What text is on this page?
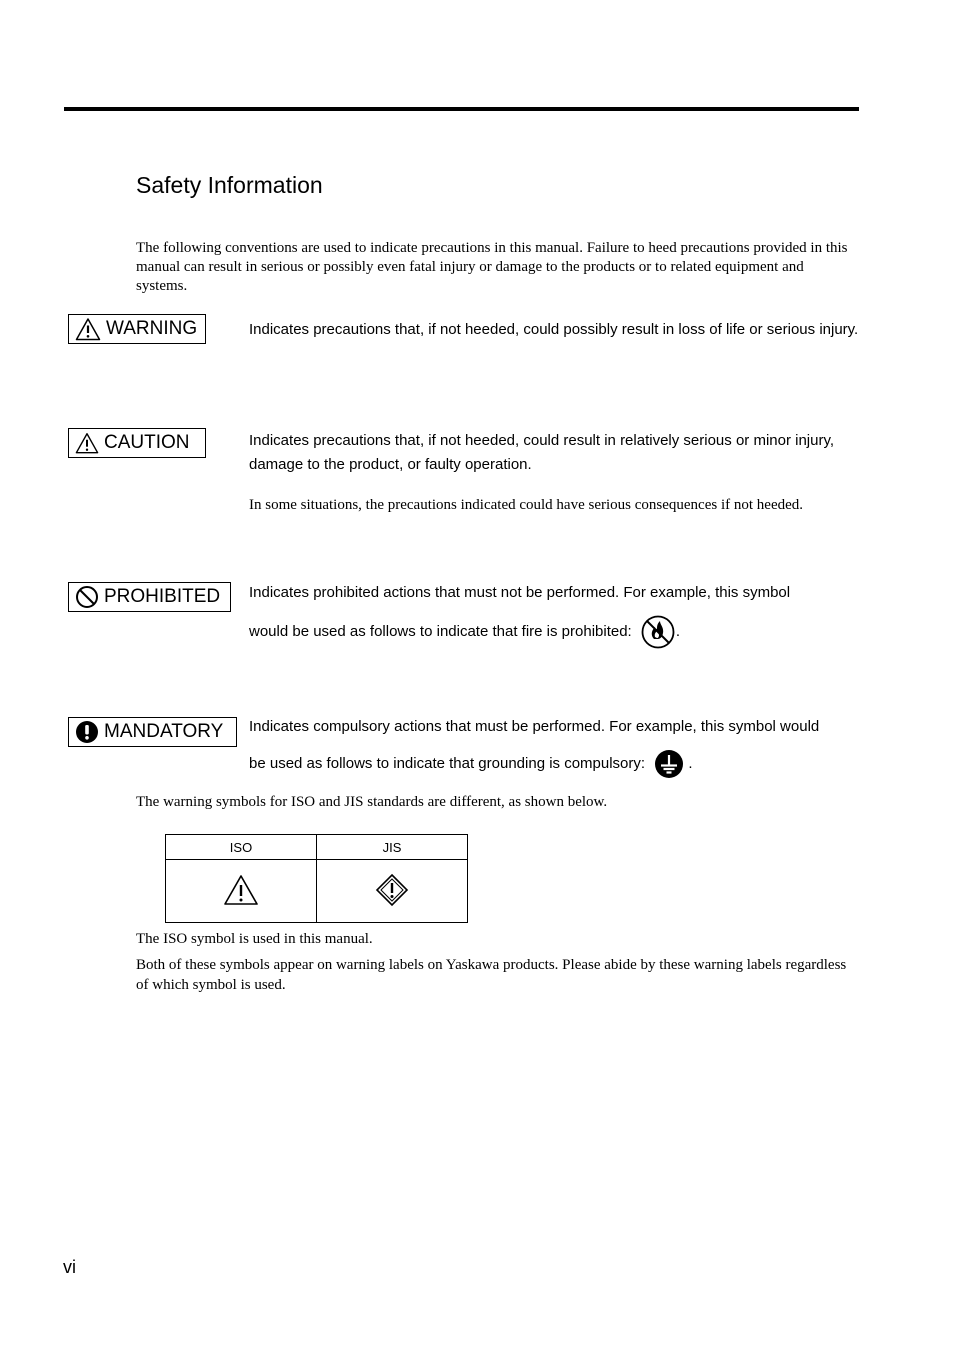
Safety Information

The following conventions are used to indicate precautions in this manual. Failure to heed precautions provided in this manual can result in serious or possibly even fatal injury or damage to the products or to related equipment and systems.

WARNING	Indicates precautions that, if not heeded, could possibly result in loss of life or serious injury.

CAUTION	Indicates precautions that, if not heeded, could result in relatively serious or minor injury, damage to the product, or faulty operation.

In some situations, the precautions indicated could have serious consequences if not heeded.

PROHIBITED Indicates prohibited actions that must not be performed. For example, this symbol

would be used as follows to indicate that fire is prohibited:	.

MANDATORY Indicates compulsory actions that must be performed. For example, this symbol would

be used as follows to indicate that grounding is compulsory:	.

The warning symbols for ISO and JIS standards are different, as shown below.

ISO	JIS

The ISO symbol is used in this manual.

Both of these symbols appear on warning labels on Yaskawa products. Please abide by these warning labels regardless of which symbol is used.

vi
